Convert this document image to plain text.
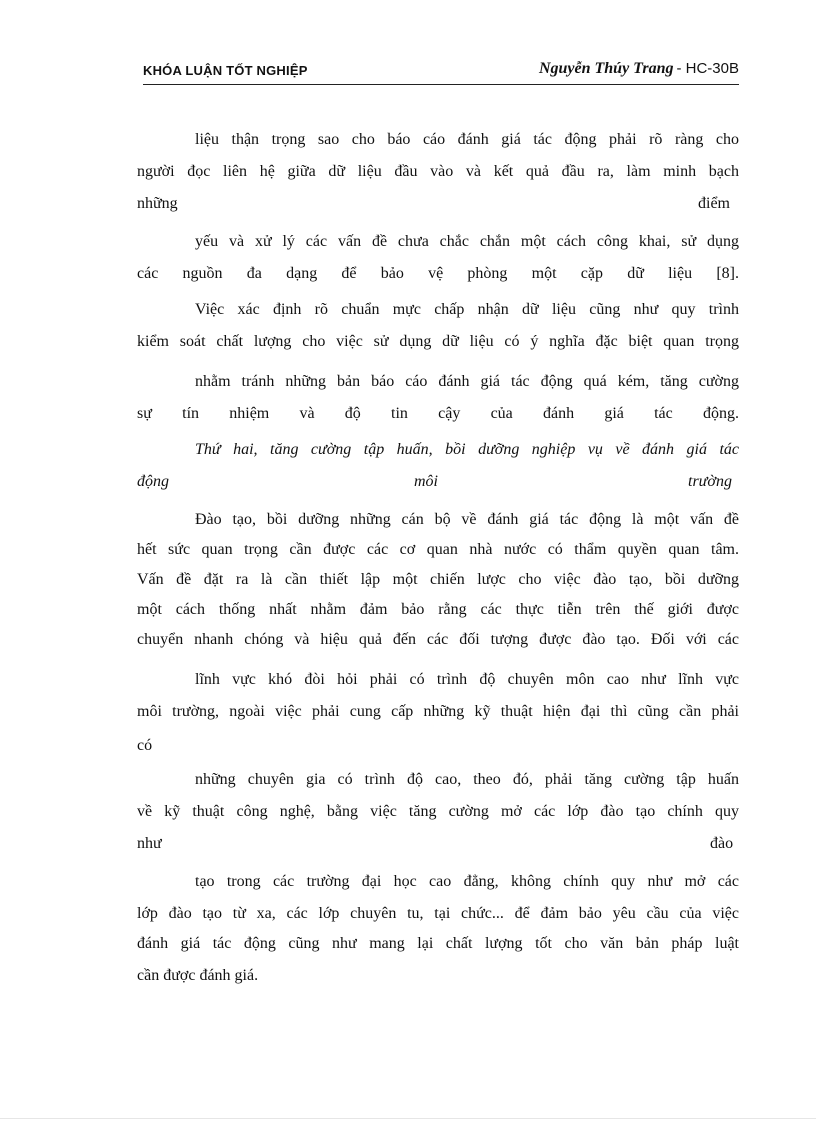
KHÓA LUẬN TỐT NGHIỆP	Nguyễn Thúy Trang - HC-30B
liệu thận trọng sao cho báo cáo đánh giá tác động phải rõ ràng cho
người đọc liên hệ giữa dữ liệu đầu vào và kết quả đầu ra, làm minh bạch
những	điểm
yếu và xử lý các vấn đề chưa chắc chắn một cách công khai, sử dụng
các nguồn đa dạng để bảo vệ phòng một cặp dữ liệu [8].
Việc xác định rõ chuẩn mực chấp nhận dữ liệu cũng như quy trình
kiểm soát chất lượng cho việc sử dụng dữ liệu có ý nghĩa đặc biệt quan trọng
nhằm tránh những bản báo cáo đánh giá tác động quá kém, tăng cường
sự tín nhiệm và độ tin cậy của đánh giá tác động.
Thứ hai, tăng cường tập huấn, bồi dưỡng nghiệp vụ về đánh giá tác
động	môi	trường
Đào tạo, bồi dưỡng những cán bộ về đánh giá tác động là một vấn đề
hết sức quan trọng cần được các cơ quan nhà nước có thẩm quyền quan tâm.
Vấn đề đặt ra là cần thiết lập một chiến lược cho việc đào tạo, bồi dưỡng
một cách thống nhất nhằm đảm bảo rằng các thực tiễn trên thế giới được
chuyển nhanh chóng và hiệu quả đến các đối tượng được đào tạo. Đối với các
lĩnh vực khó đòi hỏi phải có trình độ chuyên môn cao như lĩnh vực
môi trường, ngoài việc phải cung cấp những kỹ thuật hiện đại thì cũng cần phải
có
những chuyên gia có trình độ cao, theo đó, phải tăng cường tập huấn
về kỹ thuật công nghệ, bằng việc tăng cường mở các lớp đào tạo chính quy
như	đào
tạo trong các trường đại học cao đẳng, không chính quy như mở các
lớp đào tạo từ xa, các lớp chuyên tu, tại chức... để đảm bảo yêu cầu của việc
đánh giá tác động cũng như mang lại chất lượng tốt cho văn bản pháp luật
cần được đánh giá.
